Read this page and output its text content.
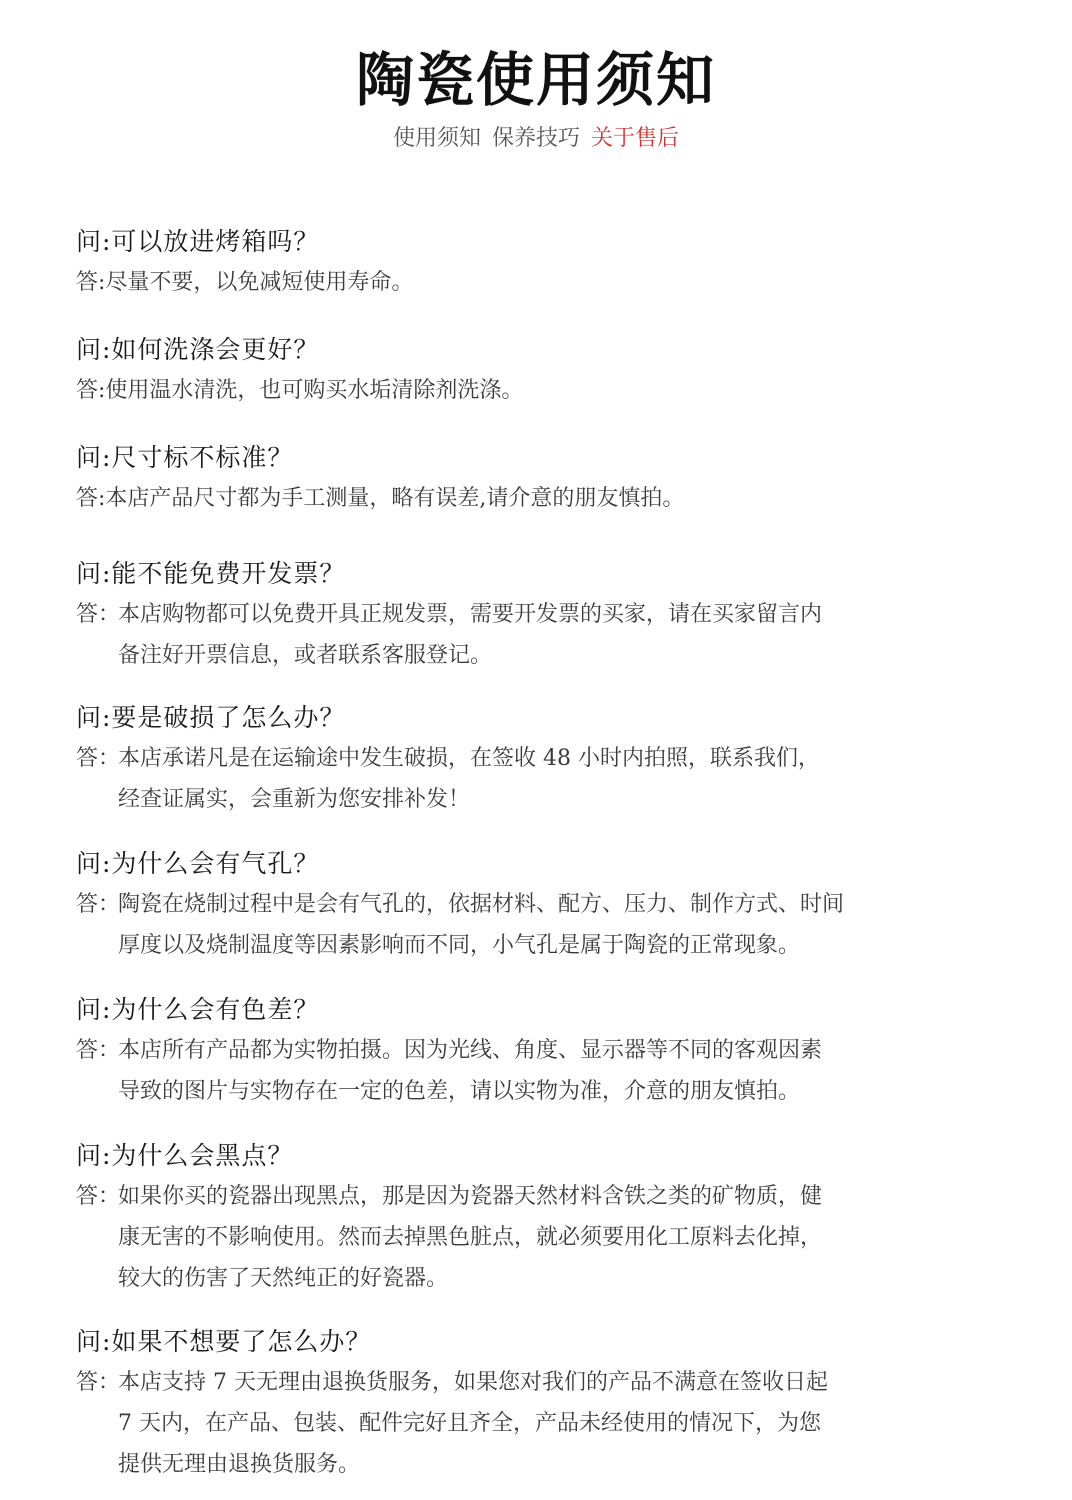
陶瓷使用须知
使用须知 保养技巧 关于售后
问:可以放进烤箱吗？
答: 尽量不要，以免减短使用寿命。
问:如何洗涤会更好？
答: 使用温水清洗，也可购买水垢清除剂洗涤。
问:尺寸标不标准？
答: 本店产品尺寸都为手工测量，略有误差,请介意的朋友慎拍。
问:能不能免费开发票？
答：
本店购物都可以免费开具正规发票，需要开发票的买家，请在买家留言内
备注好开票信息，或者联系客服登记。
问:要是破损了怎么办？
答：
本店承诺凡是在运输途中发生破损，在签收 48 小时内拍照，联系我们，
经查证属实，会重新为您安排补发！
问:为什么会有气孔？
答：
陶瓷在烧制过程中是会有气孔的，依据材料、配方、压力、制作方式、时间
厚度以及烧制温度等因素影响而不同，小气孔是属于陶瓷的正常现象。
问:为什么会有色差？
答：
本店所有产品都为实物拍摄。因为光线、角度、显示器等不同的客观因素
导致的图片与实物存在一定的色差，请以实物为准，介意的朋友慎拍。
问:为什么会黑点？
答：
如果你买的瓷器出现黑点，那是因为瓷器天然材料含铁之类的矿物质，健
康无害的不影响使用。然而去掉黑色脏点，就必须要用化工原料去化掉，
较大的伤害了天然纯正的好瓷器。
问:如果不想要了怎么办？
答：
本店支持 7 天无理由退换货服务，如果您对我们的产品不满意在签收日起
7 天内，在产品、包装、配件完好且齐全，产品未经使用的情况下，为您
提供无理由退换货服务。
